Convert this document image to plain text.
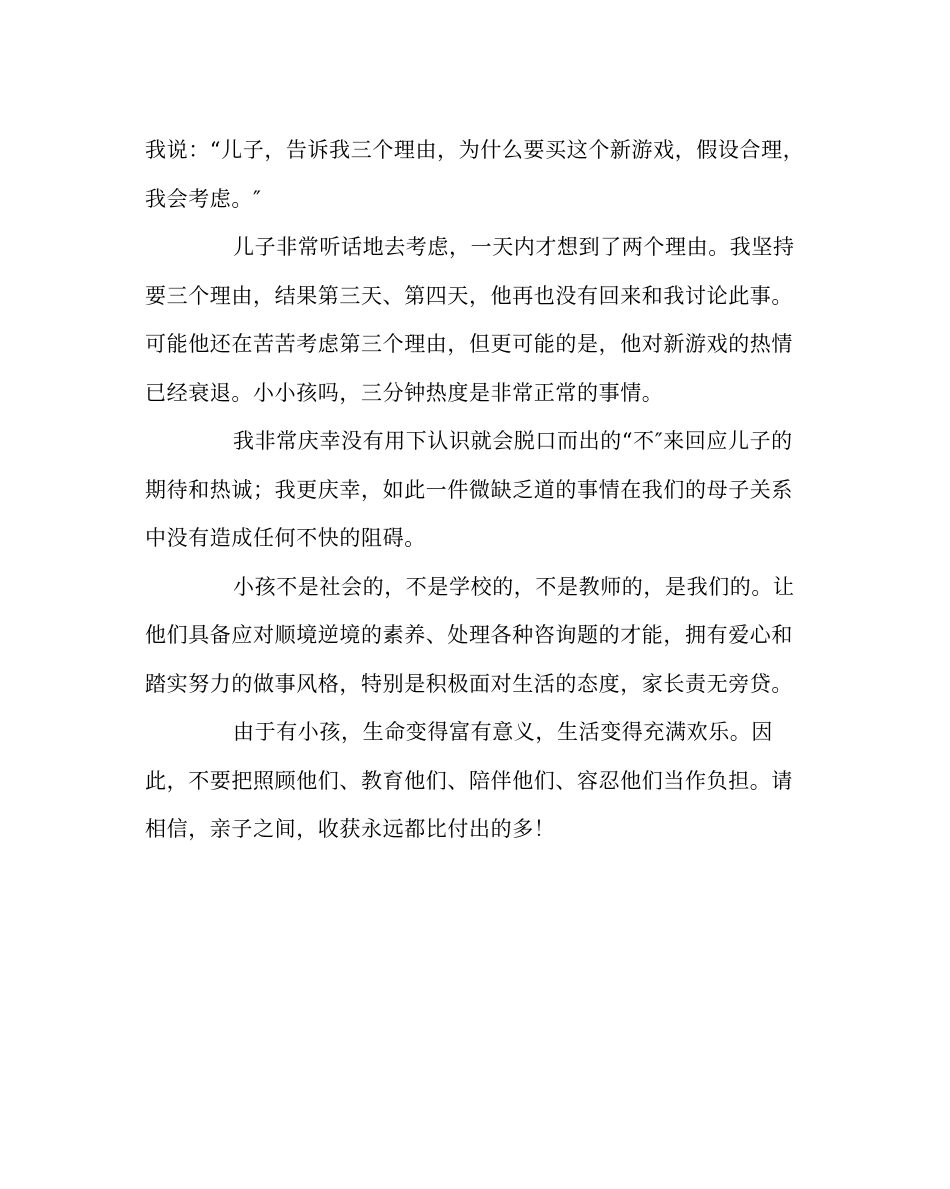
我说：“儿子，告诉我三个理由，为什么要买这个新游戏，假设合理，
我会考虑。″
儿子非常听话地去考虑，一天内才想到了两个理由。我坚持
要三个理由，结果第三天、第四天，他再也没有回来和我讨论此事。
可能他还在苦苦考虑第三个理由，但更可能的是，他对新游戏的热情
已经衰退。小小孩吗，三分钟热度是非常正常的事情。
我非常庆幸没有用下认识就会脱口而出的“不″来回应儿子的
期待和热诚；我更庆幸，如此一件微缺乏道的事情在我们的母子关系
中没有造成任何不快的阻碍。
小孩不是社会的，不是学校的，不是教师的，是我们的。让
他们具备应对顺境逆境的素养、处理各种咨询题的才能，拥有爱心和
踏实努力的做事风格，特别是积极面对生活的态度，家长责无旁贷。
由于有小孩，生命变得富有意义，生活变得充满欢乐。因
此，不要把照顾他们、教育他们、陪伴他们、容忍他们当作负担。请
相信，亲子之间，收获永远都比付出的多！
